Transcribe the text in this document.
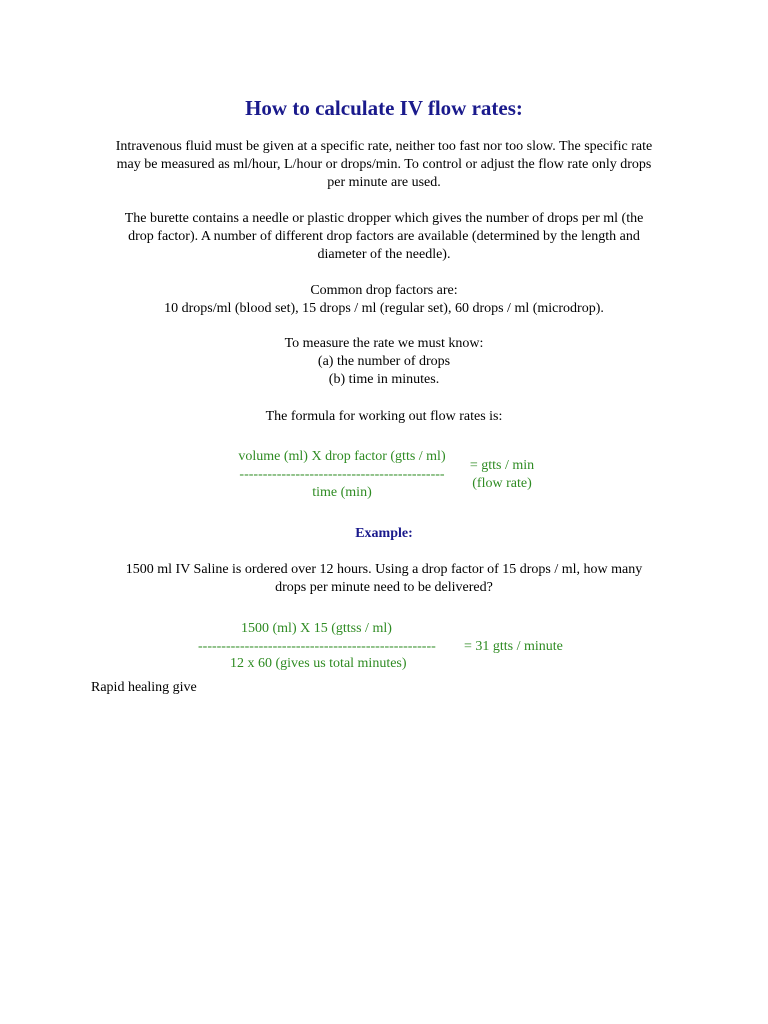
How to calculate IV flow rates:
Intravenous fluid must be given at a specific rate, neither too fast nor too slow. The specific rate
may be measured as ml/hour, L/hour or drops/min. To control or adjust the flow rate only drops
per minute are used.
The burette contains a needle or plastic dropper which gives the number of drops per ml (the
drop factor). A number of different drop factors are available (determined by the length and
diameter of the needle).
Common drop factors are:
10 drops/ml (blood set), 15 drops / ml (regular set), 60 drops / ml (microdrop).
To measure the rate we must know:
(a) the number of drops
(b) time in minutes.
The formula for working out flow rates is:
volume (ml) X drop factor (gtts / ml)
--------------------------------------------
time (min)
= gtts / min
(flow rate)
Example:
1500 ml IV Saline is ordered over 12 hours. Using a drop factor of 15 drops / ml, how many
drops per minute need to be delivered?
1500 (ml) X 15 (gttss / ml)
---------------------------------------------------
12 x 60 (gives us total minutes)
= 31 gtts / minute
Rapid healing give
